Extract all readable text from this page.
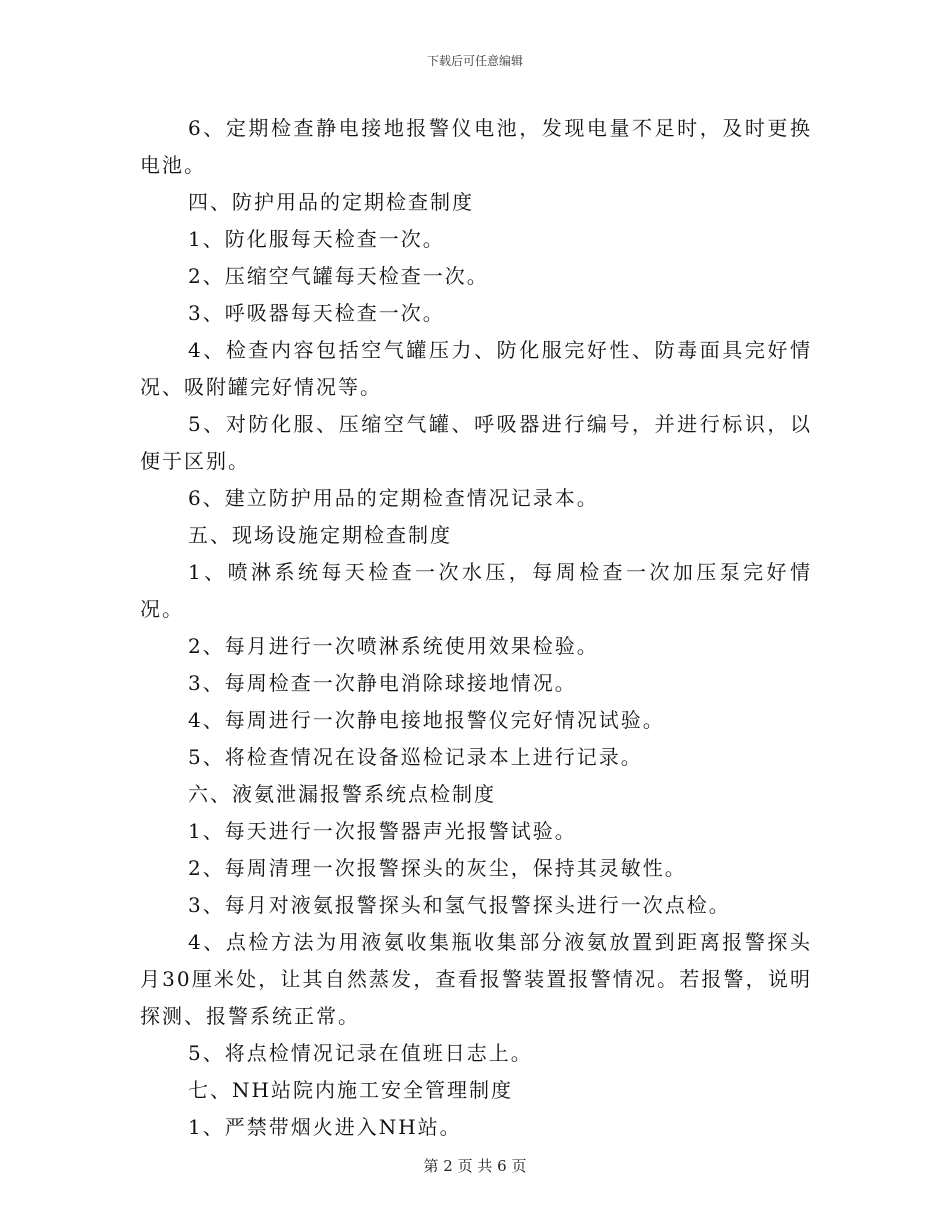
下载后可任意编辑

6、定期检查静电接地报警仪电池，发现电量不足时，及时更换电池。

四、防护用品的定期检查制度

1、防化服每天检查一次。

2、压缩空气罐每天检查一次。

3、呼吸器每天检查一次。

4、检查内容包括空气罐压力、防化服完好性、防毒面具完好情况、吸附罐完好情况等。

5、对防化服、压缩空气罐、呼吸器进行编号，并进行标识，以便于区别。

6、建立防护用品的定期检查情况记录本。

五、现场设施定期检查制度

1、喷淋系统每天检查一次水压，每周检查一次加压泵完好情况。

2、每月进行一次喷淋系统使用效果检验。

3、每周检查一次静电消除球接地情况。

4、每周进行一次静电接地报警仪完好情况试验。

5、将检查情况在设备巡检记录本上进行记录。

六、液氨泄漏报警系统点检制度

1、每天进行一次报警器声光报警试验。

2、每周清理一次报警探头的灰尘，保持其灵敏性。

3、每月对液氨报警探头和氢气报警探头进行一次点检。

4、点检方法为用液氨收集瓶收集部分液氨放置到距离报警探头月30厘米处，让其自然蒸发，查看报警装置报警情况。若报警，说明探测、报警系统正常。

5、将点检情况记录在值班日志上。

七、NH站院内施工安全管理制度

1、严禁带烟火进入NH站。

第 2 页 共 6 页
